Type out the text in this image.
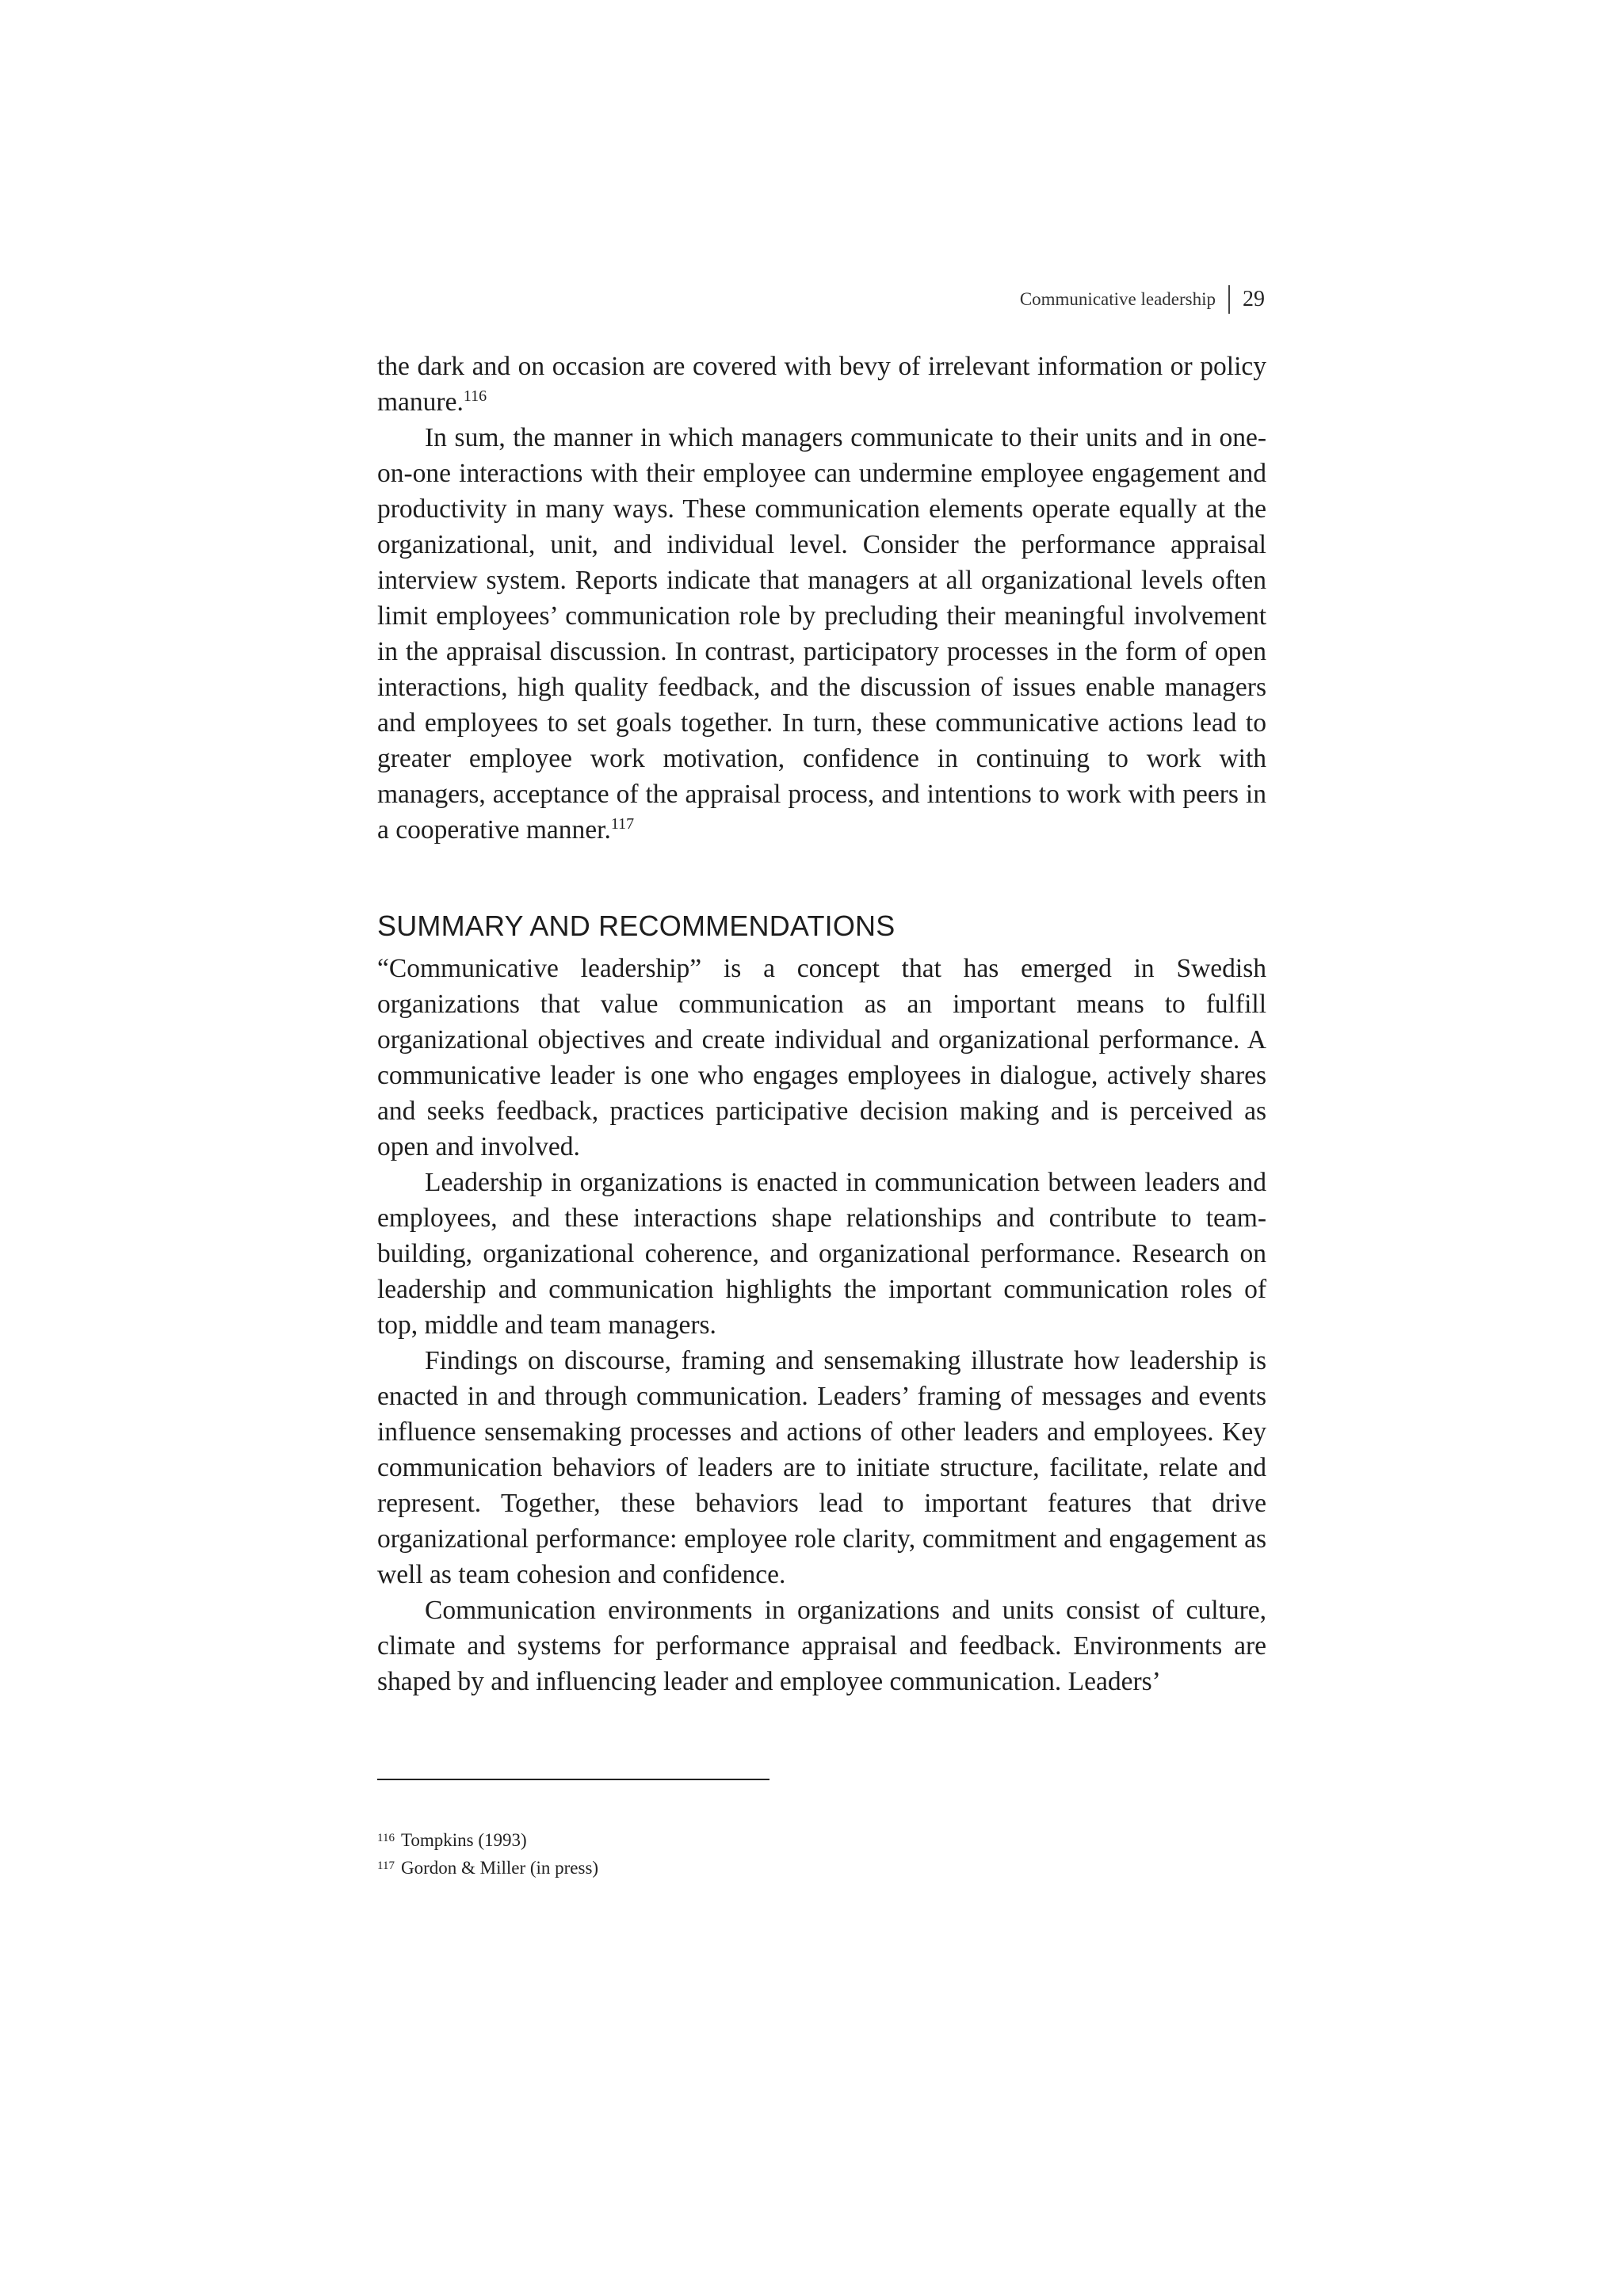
Communicative leadership 29

the dark and on occasion are covered with bevy of irrelevant information or policy manure.$^{116}$

In sum, the manner in which managers communicate to their units and in one-on-one interactions with their employee can undermine employee engagement and productivity in many ways. These communication elements operate equally at the organizational, unit, and individual level. Consider the performance appraisal interview system. Reports indicate that managers at all organizational levels often limit employees’ communication role by precluding their meaningful involvement in the appraisal discussion. In contrast, participatory processes in the form of open interactions, high quality feedback, and the discussion of issues enable managers and employees to set goals together. In turn, these communicative actions lead to greater employee work motivation, confidence in continuing to work with managers, acceptance of the appraisal process, and intentions to work with peers in a cooperative manner.$^{117}$

SUMMARY AND RECOMMENDATIONS

“Communicative leadership” is a concept that has emerged in Swedish organizations that value communication as an important means to fulfill organizational objectives and create individual and organizational performance. A communicative leader is one who engages employees in dialogue, actively shares and seeks feedback, practices participative decision making and is perceived as open and involved.

Leadership in organizations is enacted in communication between leaders and employees, and these interactions shape relationships and contribute to team-building, organizational coherence, and organizational performance. Research on leadership and communication highlights the important communication roles of top, middle and team managers.

Findings on discourse, framing and sensemaking illustrate how leadership is enacted in and through communication. Leaders’ framing of messages and events influence sensemaking processes and actions of other leaders and employees. Key communication behaviors of leaders are to initiate structure, facilitate, relate and represent. Together, these behaviors lead to important features that drive organizational performance: employee role clarity, commitment and engagement as well as team cohesion and confidence.

Communication environments in organizations and units consist of culture, climate and systems for performance appraisal and feedback. Environments are shaped by and influencing leader and employee communication. Leaders’

$^{116}$ Tompkins (1993)

$^{117}$ Gordon & Miller (in press)
